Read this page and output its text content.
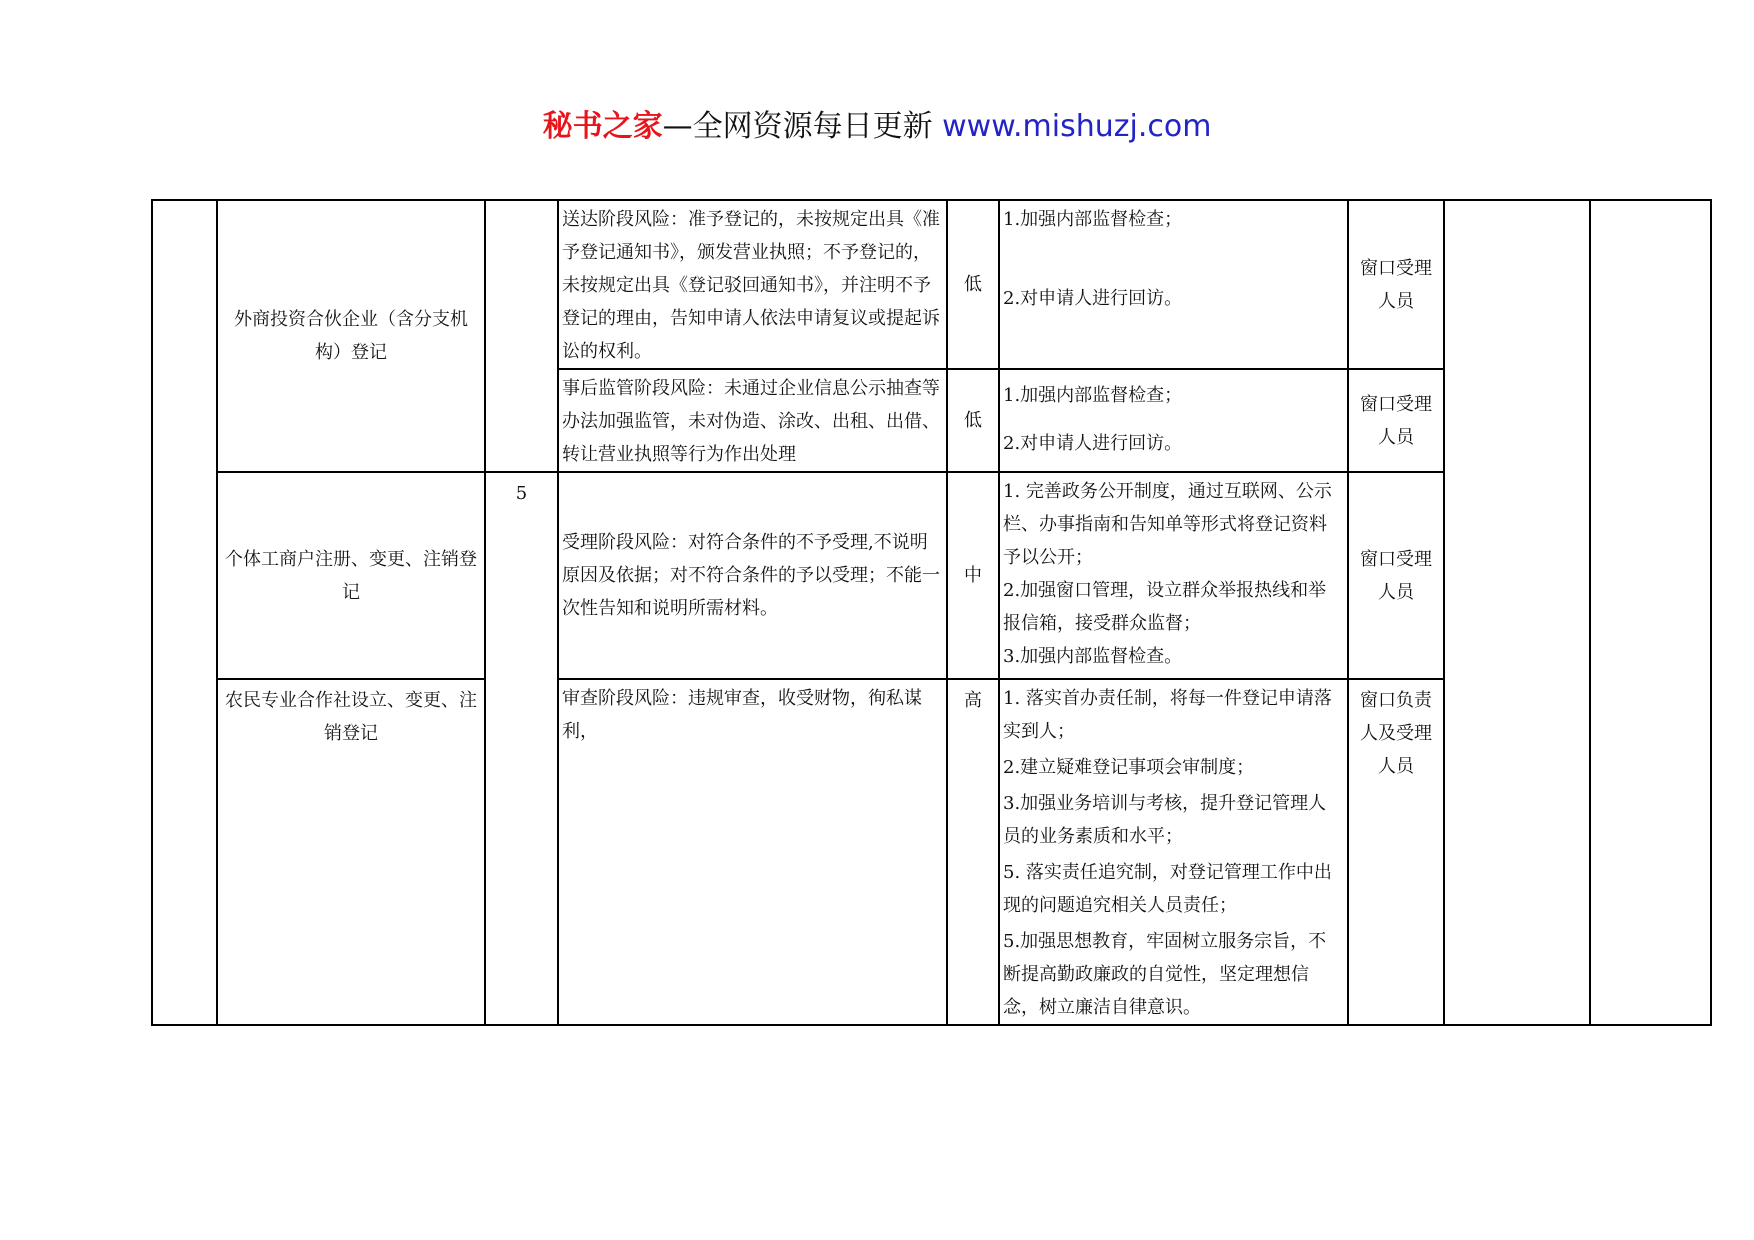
秘书之家—全网资源每日更新 www.mishuzj.com
	外商投资合伙企业（含分支机构）登记		送达阶段风险：准予登记的，未按规定出具《准予登记通知书》，颁发营业执照；不予登记的，未按规定出具《登记驳回通知书》，并注明不予登记的理由，告知申请人依法申请复议或提起诉讼的权利。	低	1.加强内部监督检查；
2.对申请人进行回访。	窗口受理人员		
			事后监管阶段风险：未通过企业信息公示抽查等办法加强监管，未对伪造、涂改、出租、出借、转让营业执照等行为作出处理	低	1.加强内部监督检查；
2.对申请人进行回访。	窗口受理人员		
	个体工商户注册、变更、注销登记	5	受理阶段风险：对符合条件的不予受理,不说明原因及依据；对不符合条件的予以受理；不能一次性告知和说明所需材料。	中	1. 完善政务公开制度，通过互联网、公示栏、办事指南和告知单等形式将登记资料予以公开；
2.加强窗口管理，设立群众举报热线和举报信箱，接受群众监督；
3.加强内部监督检查。	窗口受理人员		
	农民专业合作社设立、变更、注销登记		审查阶段风险：违规审查，收受财物，徇私谋利，	高	1. 落实首办责任制，将每一件登记申请落实到人；
2.建立疑难登记事项会审制度；
3.加强业务培训与考核，提升登记管理人员的业务素质和水平；
5. 落实责任追究制，对登记管理工作中出现的问题追究相关人员责任；
5.加强思想教育，牢固树立服务宗旨，不断提高勤政廉政的自觉性，坚定理想信念，树立廉洁自律意识。	窗口负责人及受理人员		
